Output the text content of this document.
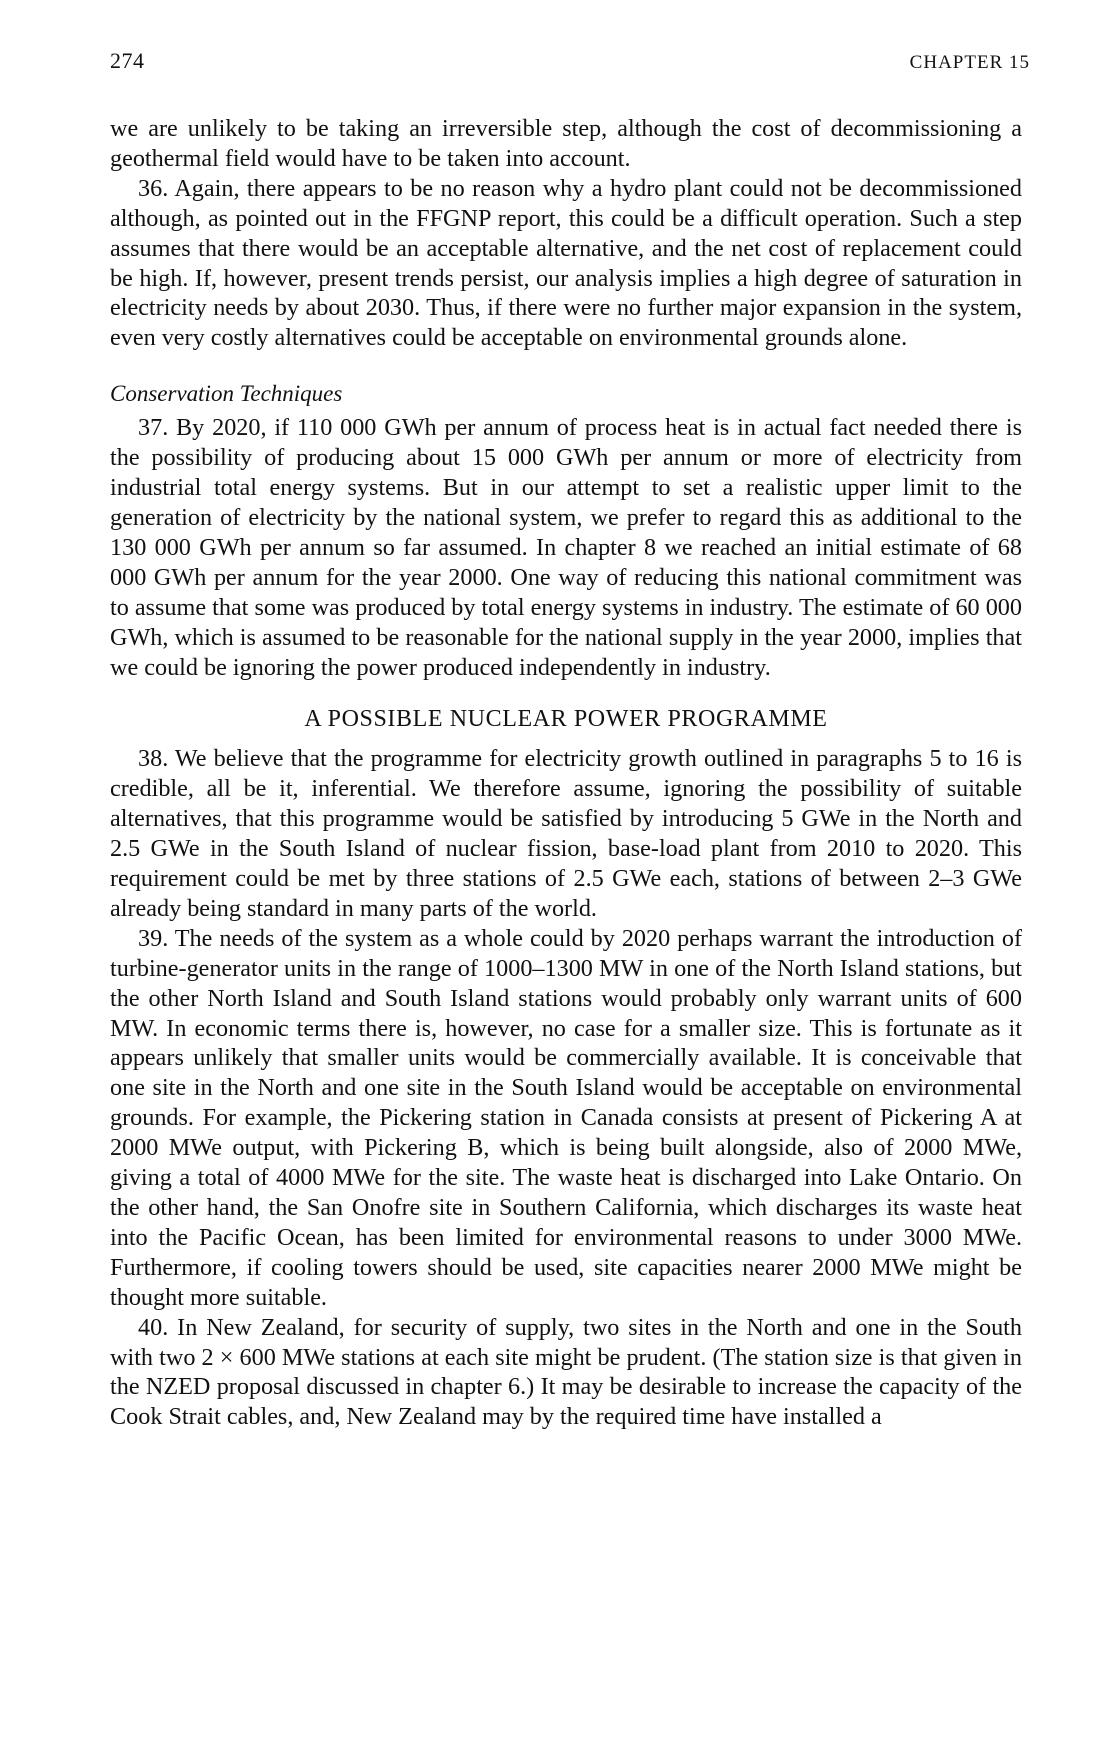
274	CHAPTER 15

we are unlikely to be taking an irreversible step, although the cost of decommissioning a geothermal field would have to be taken into account.

36. Again, there appears to be no reason why a hydro plant could not be decommissioned although, as pointed out in the FFGNP report, this could be a difficult operation. Such a step assumes that there would be an acceptable alternative, and the net cost of replacement could be high. If, however, present trends persist, our analysis implies a high degree of saturation in electricity needs by about 2030. Thus, if there were no further major expansion in the system, even very costly alternatives could be acceptable on environmental grounds alone.

Conservation Techniques

37. By 2020, if 110 000 GWh per annum of process heat is in actual fact needed there is the possibility of producing about 15 000 GWh per annum or more of electricity from industrial total energy systems. But in our attempt to set a realistic upper limit to the generation of electricity by the national system, we prefer to regard this as additional to the 130 000 GWh per annum so far assumed. In chapter 8 we reached an initial estimate of 68 000 GWh per annum for the year 2000. One way of reducing this national commitment was to assume that some was produced by total energy systems in industry. The estimate of 60 000 GWh, which is assumed to be reasonable for the national supply in the year 2000, implies that we could be ignoring the power produced independently in industry.

A POSSIBLE NUCLEAR POWER PROGRAMME

38. We believe that the programme for electricity growth outlined in paragraphs 5 to 16 is credible, all be it, inferential. We therefore assume, ignoring the possibility of suitable alternatives, that this programme would be satisfied by introducing 5 GWe in the North and 2.5 GWe in the South Island of nuclear fission, base-load plant from 2010 to 2020. This requirement could be met by three stations of 2.5 GWe each, stations of between 2–3 GWe already being standard in many parts of the world.

39. The needs of the system as a whole could by 2020 perhaps warrant the introduction of turbine-generator units in the range of 1000–1300 MW in one of the North Island stations, but the other North Island and South Island stations would probably only warrant units of 600 MW. In economic terms there is, however, no case for a smaller size. This is fortunate as it appears unlikely that smaller units would be commercially available. It is conceivable that one site in the North and one site in the South Island would be acceptable on environmental grounds. For example, the Pickering station in Canada consists at present of Pickering A at 2000 MWe output, with Pickering B, which is being built alongside, also of 2000 MWe, giving a total of 4000 MWe for the site. The waste heat is discharged into Lake Ontario. On the other hand, the San Onofre site in Southern California, which discharges its waste heat into the Pacific Ocean, has been limited for environmental reasons to under 3000 MWe. Furthermore, if cooling towers should be used, site capacities nearer 2000 MWe might be thought more suitable.

40. In New Zealand, for security of supply, two sites in the North and one in the South with two 2 × 600 MWe stations at each site might be prudent. (The station size is that given in the NZED proposal discussed in chapter 6.) It may be desirable to increase the capacity of the Cook Strait cables, and, New Zealand may by the required time have installed a
